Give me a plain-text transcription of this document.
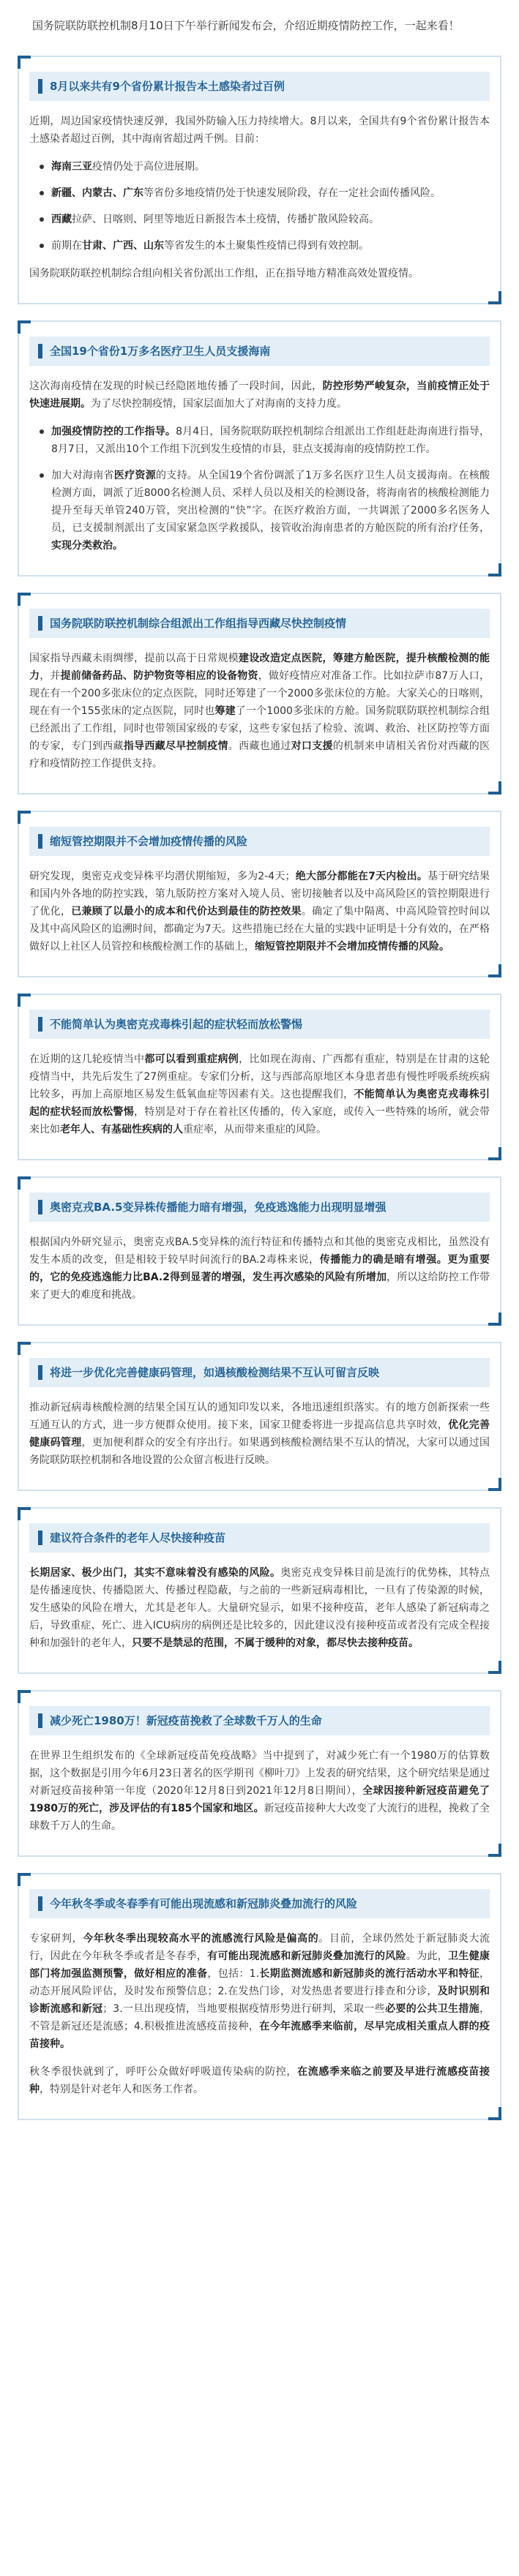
国务院联防联控机制8月10日下午举行新闻发布会，介绍近期疫情防控工作，一起来看！

8月以来共有9个省份累计报告本土感染者过百例

近期，周边国家疫情快速反弹，我国外防输入压力持续增大。8月以来，全国共有9个省份累计报告本土感染者超过百例，其中海南省超过两千例。目前：

海南三亚疫情仍处于高位进展期。
新疆、内蒙古、广东等省份多地疫情仍处于快速发展阶段，存在一定社会面传播风险。
西藏拉萨、日喀则、阿里等地近日新报告本土疫情，传播扩散风险较高。
前期在甘肃、广西、山东等省发生的本土聚集性疫情已得到有效控制。

国务院联防联控机制综合组向相关省份派出工作组，正在指导地方精准高效处置疫情。

全国19个省份1万多名医疗卫生人员支援海南

这次海南疫情在发现的时候已经隐匿地传播了一段时间，因此，防控形势严峻复杂，当前疫情正处于快速进展期。为了尽快控制疫情，国家层面加大了对海南的支持力度。

加强疫情防控的工作指导。8月4日，国务院联防联控机制综合组派出工作组赶赴海南进行指导，8月7日，又派出10个工作组下沉到发生疫情的市县，驻点支援海南的疫情防控工作。
加大对海南省医疗资源的支持。从全国19个省份调派了1万多名医疗卫生人员支援海南。在核酸检测方面，调派了近8000名检测人员、采样人员以及相关的检测设备，将海南省的核酸检测能力提升至每天单管240万管，突出检测的“快”字。在医疗救治方面，一共调派了2000多名医务人员，已支援制剂派出了支国家紧急医学救援队，接管收治海南患者的方舱医院的所有治疗任务，实现分类救治。
国务院联防联控机制综合组派出工作组指导西藏尽快控制疫情

国家指导西藏未雨绸缪，提前以高于日常规模建设改造定点医院，筹建方舱医院，提升核酸检测的能力，并提前储备药品、防护物资等相应的设备物资，做好疫情应对准备工作。比如拉萨市87万人口，现在有一个200多张床位的定点医院，同时还筹建了一个2000多张床位的方舱。大家关心的日喀则，现在有一个155张床的定点医院，同时也筹建了一个1000多张床的方舱。国务院联防联控机制综合组已经派出了工作组，同时也带领国家级的专家，这些专家包括了检验、流调、救治、社区防控等方面的专家，专门到西藏指导西藏尽早控制疫情。西藏也通过对口支援的机制来申请相关省份对西藏的医疗和疫情防控工作提供支持。

缩短管控期限并不会增加疫情传播的风险

研究发现，奥密克戎变异株平均潜伏期缩短，多为2-4天；绝大部分都能在7天内检出。基于研究结果和国内外各地的防控实践，第九版防控方案对入境人员、密切接触者以及中高风险区的管控期限进行了优化，已兼顾了以最小的成本和代价达到最佳的防控效果。确定了集中隔离、中高风险管控时间以及其中高风险区的追溯时间，都确定为7天。这些措施已经在大量的实践中证明是十分有效的，在严格做好以上社区人员管控和核酸检测工作的基础上，缩短管控期限并不会增加疫情传播的风险。

不能简单认为奥密克戎毒株引起的症状轻而放松警惕

在近期的这几轮疫情当中都可以看到重症病例，比如现在海南、广西都有重症，特别是在甘肃的这轮疫情当中，共先后发生了27例重症。专家们分析，这与西部高原地区本身患者患有慢性呼吸系统疾病比较多，再加上高原地区易发生低氧血症等因素有关。这也提醒我们，不能简单认为奥密克戎毒株引起的症状轻而放松警惕，特别是对于存在着社区传播的，传入家庭，或传入一些特殊的场所，就会带来比如老年人、有基础性疾病的人重症率，从而带来重症的风险。

奥密克戎BA.5变异株传播能力暗有增强，免疫逃逸能力出现明显增强

根据国内外研究显示，奥密克戎BA.5变异株的流行特征和传播特点和其他的奥密克戎相比，虽然没有发生本质的改变，但是相较于较早时间流行的BA.2毒株来说，传播能力的确是暗有增强。更为重要的，它的免疫逃逸能力比BA.2得到显著的增强，发生再次感染的风险有所增加，所以这给防控工作带来了更大的难度和挑战。

将进一步优化完善健康码管理，如遇核酸检测结果不互认可留言反映

推动新冠病毒核酸检测的结果全国互认的通知印发以来，各地迅速组织落实。有的地方创新探索一些互通互认的方式，进一步方便群众使用。接下来，国家卫健委将进一步提高信息共享时效，优化完善健康码管理，更加便利群众的安全有序出行。如果遇到核酸检测结果不互认的情况，大家可以通过国务院联防联控机制和各地设置的公众留言板进行反映。

建议符合条件的老年人尽快接种疫苗

长期居家、极少出门，其实不意味着没有感染的风险。奥密克戎变异株目前是流行的优势株，其特点是传播速度快、传播隐匿大、传播过程隐蔽，与之前的一些新冠病毒相比，一旦有了传染源的时候，发生感染的风险在增大，尤其是老年人。大量研究显示，如果不接种疫苗，老年人感染了新冠病毒之后，导致重症、死亡、进入ICU病房的病例还是比较多的，因此建议没有接种疫苗或者没有完成全程接种和加强针的老年人，只要不是禁忌的范围，不属于缓种的对象，都尽快去接种疫苗。

减少死亡1980万！新冠疫苗挽救了全球数千万人的生命

在世界卫生组织发布的《全球新冠疫苗免疫战略》当中提到了，对减少死亡有一个1980万的估算数据，这个数据是引用今年6月23日著名的医学期刊《柳叶刀》上发表的研究结果，这个研究结果是通过对新冠疫苗接种第一年度（2020年12月8日到2021年12月8日期间），全球因接种新冠疫苗避免了1980万的死亡，涉及评估的有185个国家和地区。新冠疫苗接种大大改变了大流行的进程，挽救了全球数千万人的生命。

今年秋冬季或冬春季有可能出现流感和新冠肺炎叠加流行的风险

专家研判，今年秋冬季出现较高水平的流感流行风险是偏高的。目前，全球仍然处于新冠肺炎大流行，因此在今年秋冬季或者是冬春季，有可能出现流感和新冠肺炎叠加流行的风险。为此，卫生健康部门将加强监测预警，做好相应的准备，包括：1.长期监测流感和新冠肺炎的流行活动水平和特征，动态开展风险评估，及时发布预警信息；2.在发热门诊，对发热患者要进行排查和分诊，及时识别和诊断流感和新冠；3.一旦出现疫情，当地要根据疫情形势进行研判，采取一些必要的公共卫生措施，不管是新冠还是流感；4.积极推进流感疫苗接种，在今年流感季来临前，尽早完成相关重点人群的疫苗接种。

秋冬季很快就到了，呼吁公众做好呼吸道传染病的防控，在流感季来临之前要及早进行流感疫苗接种，特别是针对老年人和医务工作者。
